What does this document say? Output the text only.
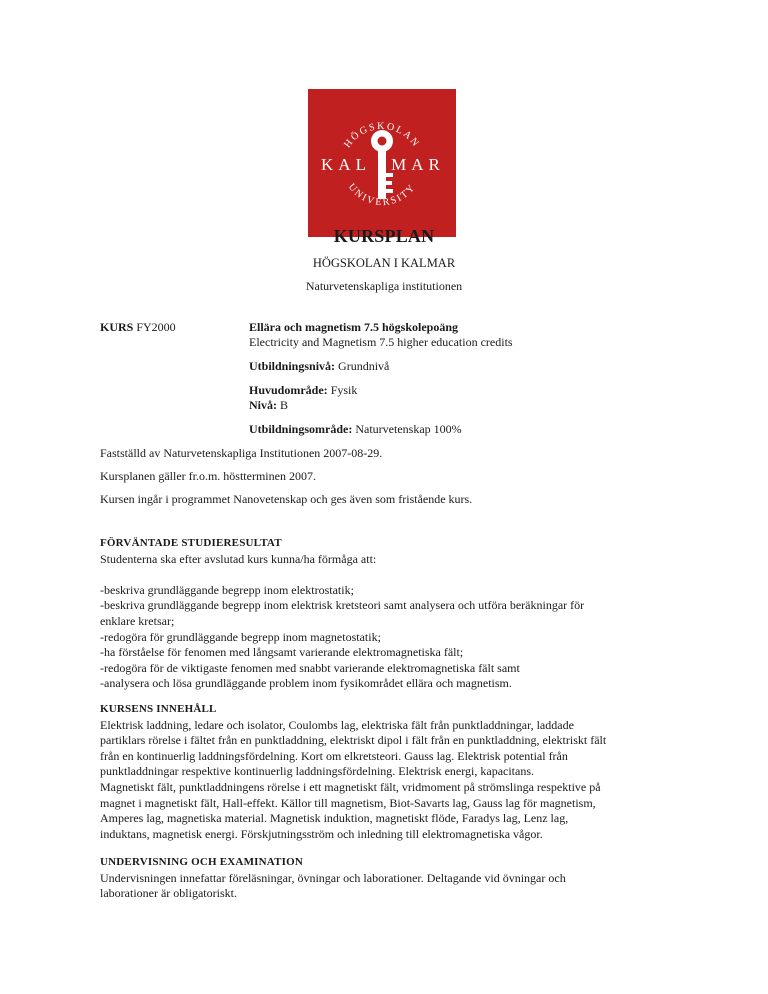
HÖGSKOLAN
UNIVERSITY
KAL MAR
KURSPLAN
HÖGSKOLAN I KALMAR
Naturvetenskapliga institutionen
KURS FY2000	Ellära och magnetism 7.5 högskolepoäng
Electricity and Magnetism 7.5 higher education credits
Utbildningsnivå: Grundnivå
Huvudområde: Fysik
Nivå: B
Utbildningsområde: Naturvetenskap 100%
Fastställd av Naturvetenskapliga Institutionen 2007-08-29.
Kursplanen gäller fr.o.m. höstterminen 2007.
Kursen ingår i programmet Nanovetenskap och ges även som fristående kurs.
FÖRVÄNTADE STUDIERESULTAT
Studenterna ska efter avslutad kurs kunna/ha förmåga att:
-beskriva grundläggande begrepp inom elektrostatik;
-beskriva grundläggande begrepp inom elektrisk kretsteori samt analysera och utföra beräkningar för
enklare kretsar;
-redogöra för grundläggande begrepp inom magnetostatik;
-ha förståelse för fenomen med långsamt varierande elektromagnetiska fält;
-redogöra för de viktigaste fenomen med snabbt varierande elektromagnetiska fält samt
-analysera och lösa grundläggande problem inom fysikområdet ellära och magnetism.
KURSENS INNEHÅLL
Elektrisk laddning, ledare och isolator, Coulombs lag, elektriska fält från punktladdningar, laddade
partiklars rörelse i fältet från en punktladdning, elektriskt dipol i fält från en punktladdning, elektriskt fält
från en kontinuerlig laddningsfördelning. Kort om elkretsteori. Gauss lag. Elektrisk potential från
punktladdningar respektive kontinuerlig laddningsfördelning. Elektrisk energi, kapacitans.
Magnetiskt fält, punktladdningens rörelse i ett magnetiskt fält, vridmoment på strömslinga respektive på
magnet i magnetiskt fält, Hall-effekt. Källor till magnetism, Biot-Savarts lag, Gauss lag för magnetism,
Amperes lag, magnetiska material. Magnetisk induktion, magnetiskt flöde, Faradys lag, Lenz lag,
induktans, magnetisk energi. Förskjutningsström och inledning till elektromagnetiska vågor.
UNDERVISNING OCH EXAMINATION
Undervisningen innefattar föreläsningar, övningar och laborationer. Deltagande vid övningar och
laborationer är obligatoriskt.
